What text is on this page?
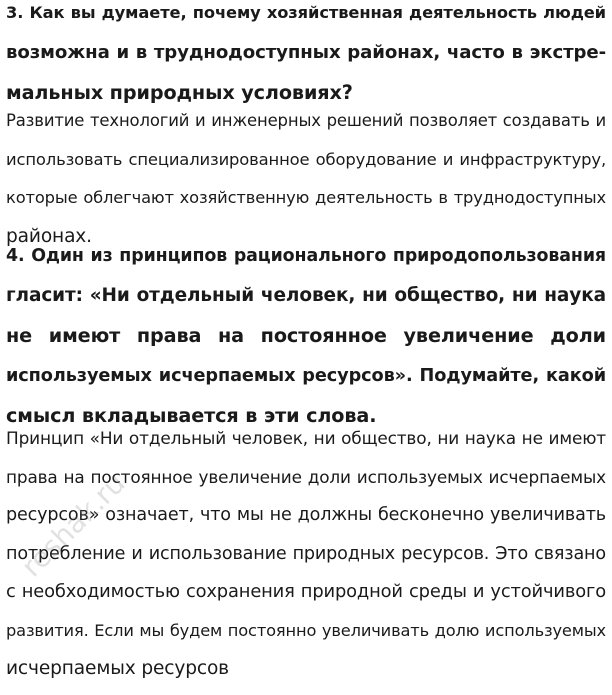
3. Как вы думаете, почему хозяйственная деятельность людей
возможна и в труднодоступных районах, часто в экстре-
мальных природных условиях?
Развитие технологий и инженерных решений позволяет создавать и
использовать специализированное оборудование и инфраструктуру,
которые облегчают хозяйственную деятельность в труднодоступных
районах.
4. Один из принципов рационального природопользования
гласит: «Ни отдельный человек, ни общество, ни наука
не имеют права на постоянное увеличение доли
используемых исчерпаемых ресурсов». Подумайте, какой
смысл вкладывается в эти слова.
Принцип «Ни отдельный человек, ни общество, ни наука не имеют
права на постоянное увеличение доли используемых исчерпаемых
ресурсов» означает, что мы не должны бесконечно увеличивать
потребление и использование природных ресурсов. Это связано
с необходимостью сохранения природной среды и устойчивого
развития. Если мы будем постоянно увеличивать долю используемых
исчерпаемых ресурсов
reshak.ru
